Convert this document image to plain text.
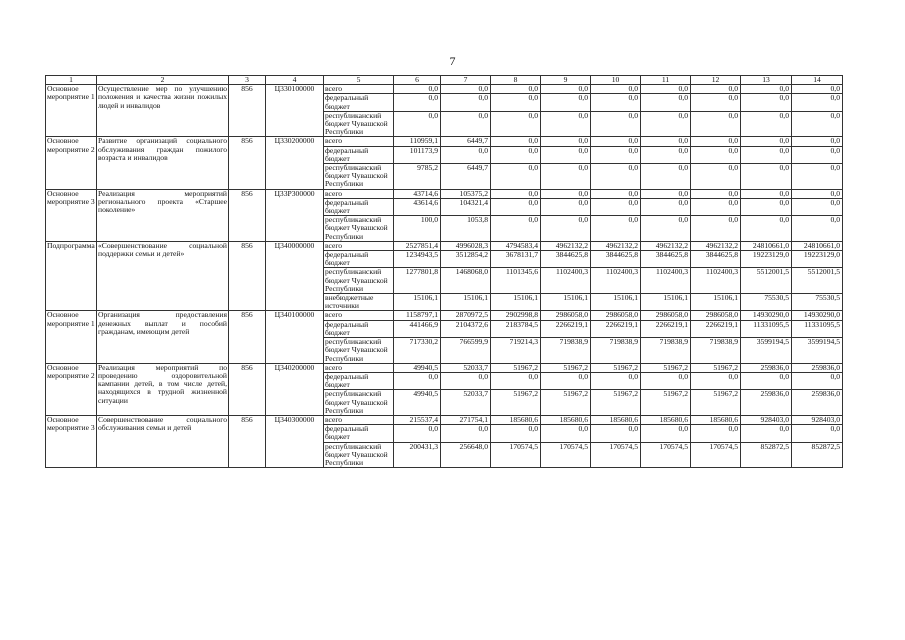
7
1	2	3	4	5	6	7	8	9	10	11	12	13	14
Основное мероприятие 1	Осуществление мер по улучшению положения и качества жизни пожилых людей и инвалидов	856	Ц330100000	всего	0,0	0,0	0,0	0,0	0,0	0,0	0,0	0,0	0,0
				федеральный бюджет	0,0	0,0	0,0	0,0	0,0	0,0	0,0	0,0	0,0
				республиканский бюджет Чувашской Республики	0,0	0,0	0,0	0,0	0,0	0,0	0,0	0,0	0,0
Основное мероприятие 2	Развитие организаций социального обслуживания граждан пожилого возраста и инвалидов	856	Ц330200000	всего	110959,1	6449,7	0,0	0,0	0,0	0,0	0,0	0,0	0,0
				федеральный бюджет	101173,9	0,0	0,0	0,0	0,0	0,0	0,0	0,0	0,0
				республиканский бюджет Чувашской Республики	9785,2	6449,7	0,0	0,0	0,0	0,0	0,0	0,0	0,0
Основное мероприятие 3	Реализация мероприятий регионального проекта «Старшее поколение»	856	Ц33P300000	всего	43714,6	105375,2	0,0	0,0	0,0	0,0	0,0	0,0	0,0
				федеральный бюджет	43614,6	104321,4	0,0	0,0	0,0	0,0	0,0	0,0	0,0
				республиканский бюджет Чувашской Республики	100,0	1053,8	0,0	0,0	0,0	0,0	0,0	0,0	0,0
Подпрограмма	«Совершенствование социальной поддержки семьи и детей»	856	Ц340000000	всего	2527851,4	4996028,3	4794583,4	4962132,2	4962132,2	4962132,2	4962132,2	24810661,0	24810661,0
				федеральный бюджет	1234943,5	3512854,2	3678131,7	3844625,8	3844625,8	3844625,8	3844625,8	19223129,0	19223129,0
				республиканский бюджет Чувашской Республики	1277801,8	1468068,0	1101345,6	1102400,3	1102400,3	1102400,3	1102400,3	5512001,5	5512001,5
				внебюджетные источники	15106,1	15106,1	15106,1	15106,1	15106,1	15106,1	15106,1	75530,5	75530,5
Основное мероприятие 1	Организация предоставления денежных выплат и пособий гражданам, имеющим детей	856	Ц340100000	всего	1158797,1	2870972,5	2902998,8	2986058,0	2986058,0	2986058,0	2986058,0	14930290,0	14930290,0
				федеральный бюджет	441466,9	2104372,6	2183784,5	2266219,1	2266219,1	2266219,1	2266219,1	11331095,5	11331095,5
				республиканский бюджет Чувашской Республики	717330,2	766599,9	719214,3	719838,9	719838,9	719838,9	719838,9	3599194,5	3599194,5
Основное мероприятие 2	Реализация мероприятий по проведению оздоровительной кампании детей, в том числе детей, находящихся в трудной жизненной ситуации	856	Ц340200000	всего	49940,5	52033,7	51967,2	51967,2	51967,2	51967,2	51967,2	259836,0	259836,0
				федеральный бюджет	0,0	0,0	0,0	0,0	0,0	0,0	0,0	0,0	0,0
				республиканский бюджет Чувашской Республики	49940,5	52033,7	51967,2	51967,2	51967,2	51967,2	51967,2	259836,0	259836,0
Основное мероприятие 3	Совершенствование социального обслуживания семьи и детей	856	Ц340300000	всего	215537,4	271754,1	185680,6	185680,6	185680,6	185680,6	185680,6	928403,0	928403,0
				федеральный бюджет	0,0	0,0	0,0	0,0	0,0	0,0	0,0	0,0	0,0
				республиканский бюджет Чувашской Республики	200431,3	256648,0	170574,5	170574,5	170574,5	170574,5	170574,5	852872,5	852872,5
